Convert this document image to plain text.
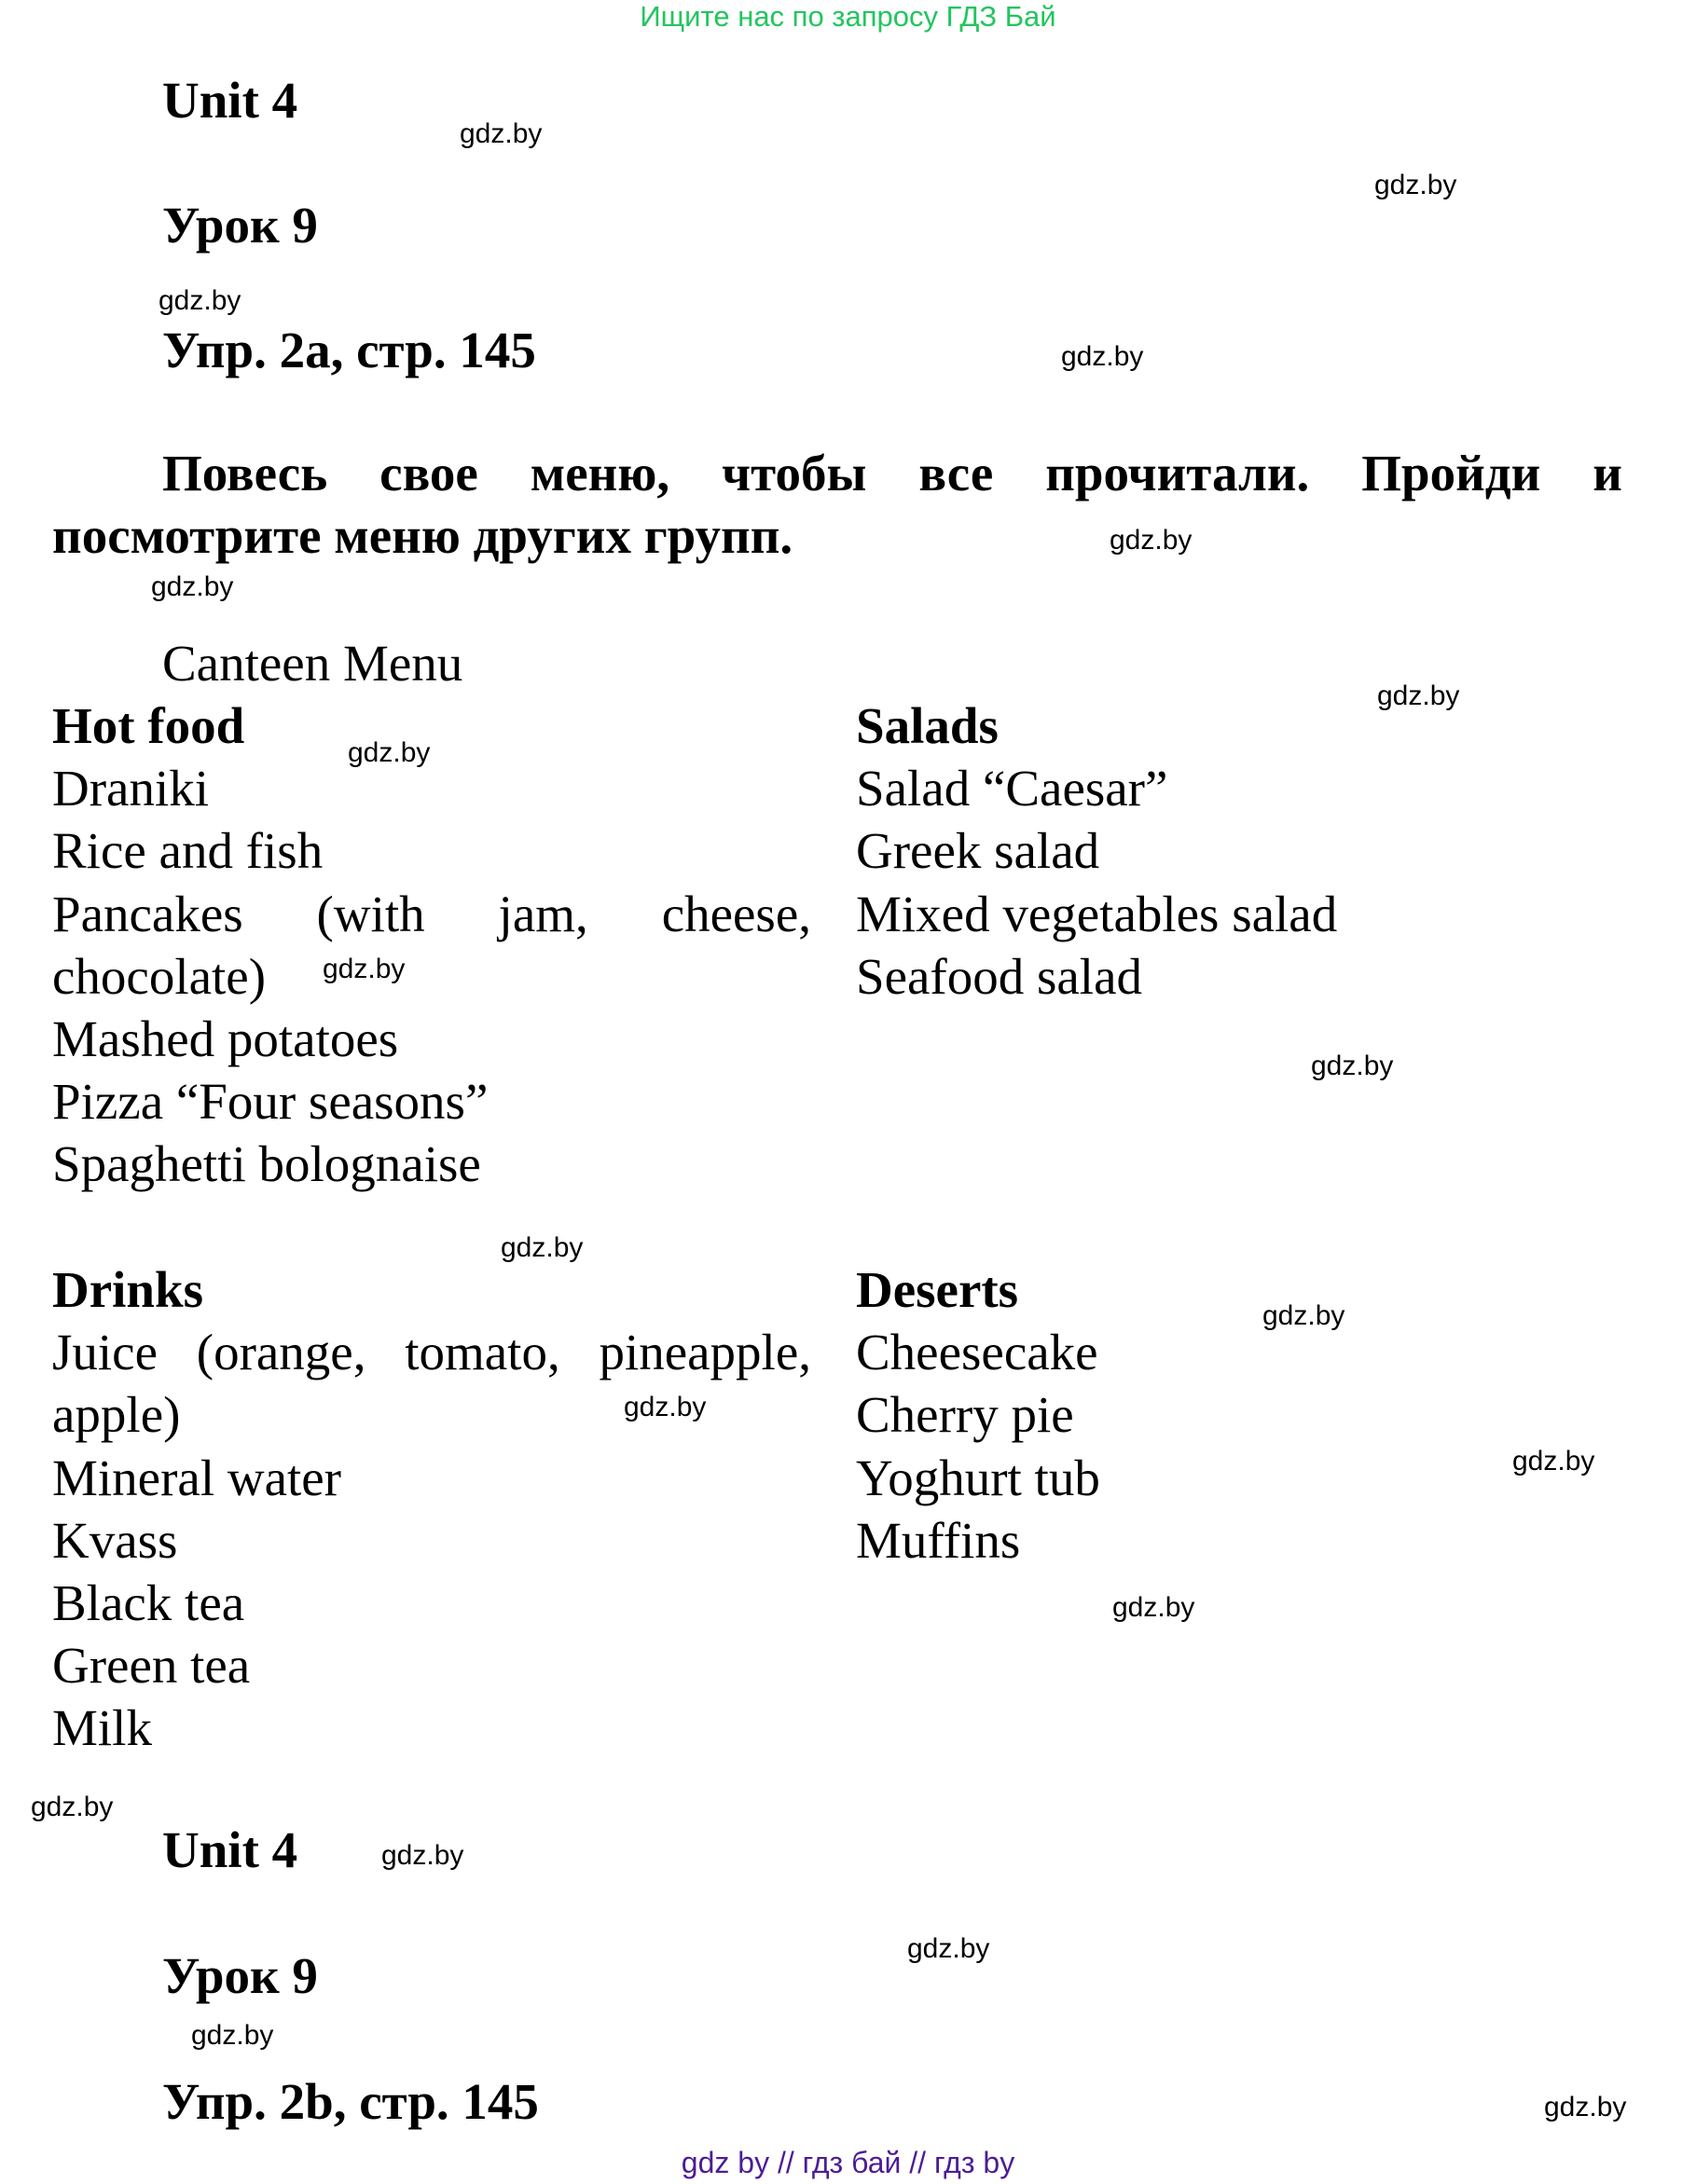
Ищите нас по запросу ГДЗ Бай
Unit 4
Урок 9
Упр. 2a, стр. 145
Повесь свое меню, чтобы все прочитали. Пройди и
посмотрите меню других групп.
Canteen Menu
Hot food
Draniki
Rice and fish
Pancakes (with jam, cheese,
chocolate)
Mashed potatoes
Pizza “Four seasons”
Spaghetti bolognaise
Salads
Salad “Caesar”
Greek salad
Mixed vegetables salad
Seafood salad
Drinks
Juice (orange, tomato, pineapple,
apple)
Mineral water
Kvass
Black tea
Green tea
Milk
Deserts
Cheesecake
Cherry pie
Yoghurt tub
Muffins
Unit 4
Урок 9
Упр. 2b, стр. 145
gdz.by
gdz.by
gdz.by
gdz.by
gdz.by
gdz.by
gdz.by
gdz.by
gdz.by
gdz.by
gdz.by
gdz.by
gdz.by
gdz.by
gdz.by
gdz.by
gdz.by
gdz.by
gdz.by
gdz.by
gdz by // гдз бай // гдз by
